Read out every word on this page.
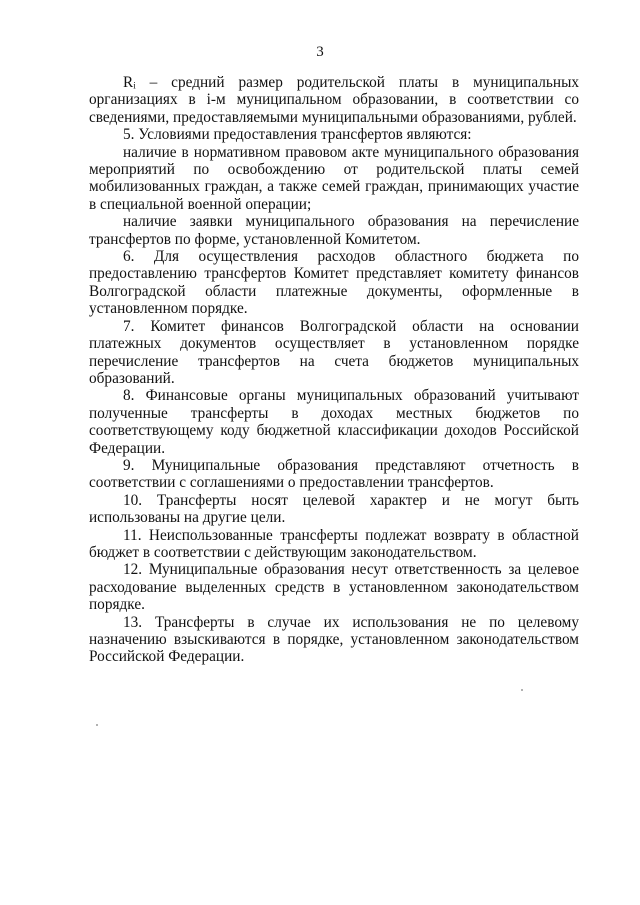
3

Rᵢ – средний размер родительской платы в муниципальных организациях в i-м муниципальном образовании, в соответствии со сведениями, предоставляемыми муниципальными образованиями, рублей.

5. Условиями предоставления трансфертов являются:

наличие в нормативном правовом акте муниципального образования мероприятий по освобождению от родительской платы семей мобилизованных граждан, а также семей граждан, принимающих участие в специальной военной операции;

наличие заявки муниципального образования на перечисление трансфертов по форме, установленной Комитетом.

6. Для осуществления расходов областного бюджета по предоставлению трансфертов Комитет представляет комитету финансов Волгоградской области платежные документы, оформленные в установленном порядке.

7. Комитет финансов Волгоградской области на основании платежных документов осуществляет в установленном порядке перечисление трансфертов на счета бюджетов муниципальных образований.

8. Финансовые органы муниципальных образований учитывают полученные трансферты в доходах местных бюджетов по соответствующему коду бюджетной классификации доходов Российской Федерации.

9. Муниципальные образования представляют отчетность в соответствии с соглашениями о предоставлении трансфертов.

10. Трансферты носят целевой характер и не могут быть использованы на другие цели.

11. Неиспользованные трансферты подлежат возврату в областной бюджет в соответствии с действующим законодательством.

12. Муниципальные образования несут ответственность за целевое расходование выделенных средств в установленном законодательством порядке.

13. Трансферты в случае их использования не по целевому назначению взыскиваются в порядке, установленном законодательством Российской Федерации.
